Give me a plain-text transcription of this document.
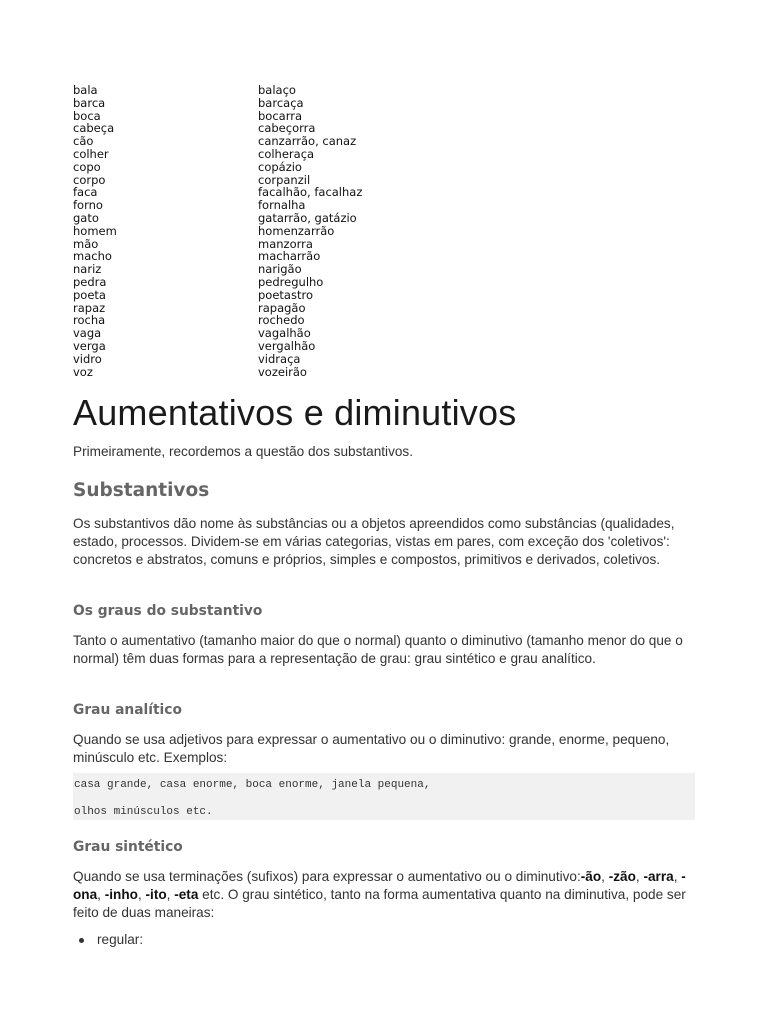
bala	balaço
barca	barcaça
boca	bocarra
cabeça	cabeçorra
cão	canzarrão, canaz
colher	colheraça
copo	copázio
corpo	corpanzil
faca	facalhão, facalhaz
forno	fornalha
gato	gatarrão, gatázio
homem	homenzarrão
mão	manzorra
macho	macharrão
nariz	narigão
pedra	pedregulho
poeta	poetastro
rapaz	rapagão
rocha	rochedo
vaga	vagalhão
verga	vergalhão
vidro	vidraça
voz	vozeirão
Aumentativos e diminutivos

Primeiramente, recordemos a questão dos substantivos.

Substantivos

Os substantivos dão nome às substâncias ou a objetos apreendidos como substâncias (qualidades, estado, processos. Dividem-se em várias categorias, vistas em pares, com exceção dos 'coletivos': concretos e abstratos, comuns e próprios, simples e compostos, primitivos e derivados, coletivos.

Os graus do substantivo

Tanto o aumentativo (tamanho maior do que o normal) quanto o diminutivo (tamanho menor do que o normal) têm duas formas para a representação de grau: grau sintético e grau analítico.

Grau analítico

Quando se usa adjetivos para expressar o aumentativo ou o diminutivo: grande, enorme, pequeno, minúsculo etc. Exemplos:

casa grande, casa enorme, boca enorme, janela pequena,
olhos minúsculos etc.
Grau sintético

Quando se usa terminações (sufixos) para expressar o aumentativo ou o diminutivo:-ão, -zão, -arra, -ona, -inho, -ito, -eta etc. O grau sintético, tanto na forma aumentativa quanto na diminutiva, pode ser feito de duas maneiras:

regular:
